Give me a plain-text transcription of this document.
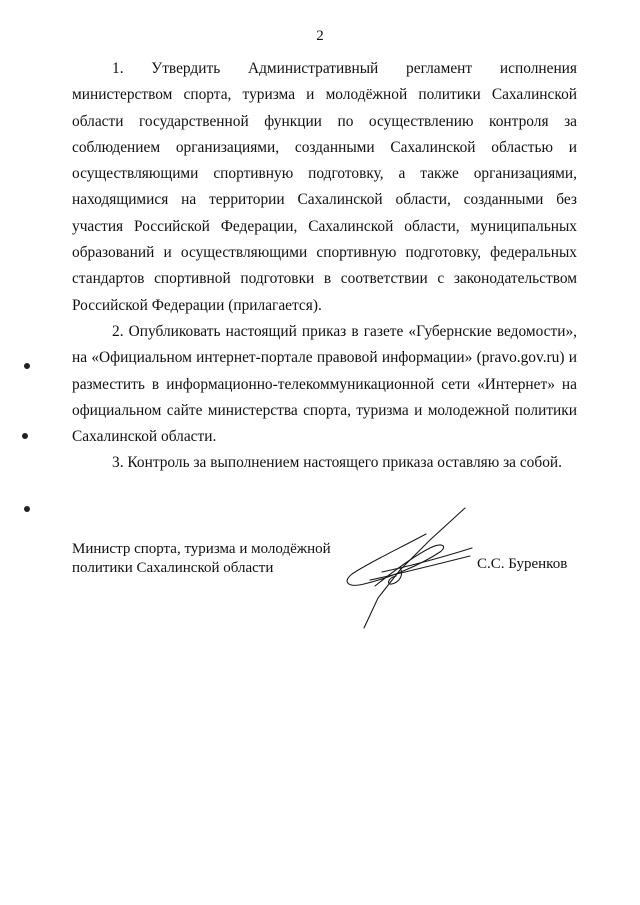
2

1. Утвердить Административный регламент исполнения министерством спорта, туризма и молодёжной политики Сахалинской области государственной функции по осуществлению контроля за соблюдением организациями, созданными Сахалинской областью и осуществляющими спортивную подготовку, а также организациями, находящимися на территории Сахалинской области, созданными без участия Российской Федерации, Сахалинской области, муниципальных образований и осуществляющими спортивную подготовку, федеральных стандартов спортивной подготовки в соответствии с законодательством Российской Федерации (прилагается).

2. Опубликовать настоящий приказ в газете «Губернские ведомости», на «Официальном интернет-портале правовой информации» (pravo.gov.ru) и разместить в информационно-телекоммуникационной сети «Интернет» на официальном сайте министерства спорта, туризма и молодежной политики Сахалинской области.

3. Контроль за выполнением настоящего приказа оставляю за собой.

Министр спорта, туризма и молодёжной
политики Сахалинской области	С.С. Буренков
